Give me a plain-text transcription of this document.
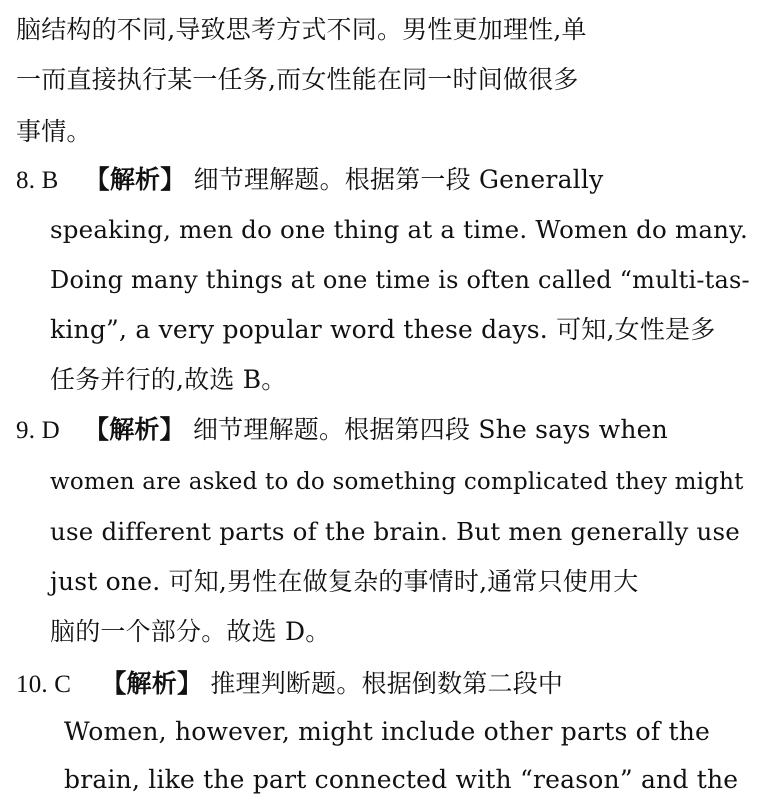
脑结构的不同,导致思考方式不同。男性更加理性,单
一而直接执行某一任务,而女性能在同一时间做很多
事情。
8. B 【解析】 细节理解题。根据第一段 Generally
speaking, men do one thing at a time. Women do many.
Doing many things at one time is often called “multi-tas-
king”, a very popular word these days. 可知,女性是多
任务并行的,故选 B。
9. D 【解析】 细节理解题。根据第四段 She says when
women are asked to do something complicated they might
use different parts of the brain. But men generally use
just one. 可知,男性在做复杂的事情时,通常只使用大
脑的一个部分。故选 D。
10. C 【解析】 推理判断题。根据倒数第二段中
Women, however, might include other parts of the
brain, like the part connected with “reason” and the
